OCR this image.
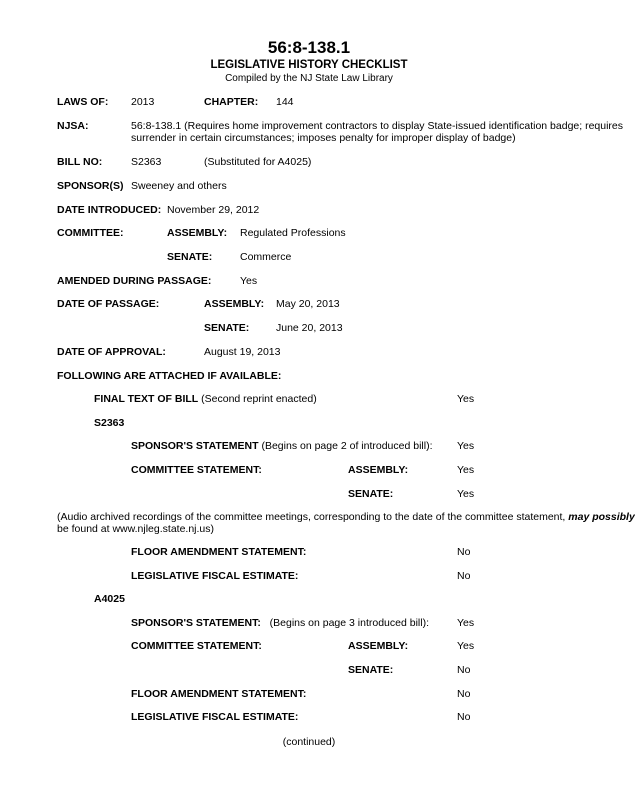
56:8-138.1
LEGISLATIVE HISTORY CHECKLIST
Compiled by the NJ State Law Library
LAWS OF: 2013	CHAPTER: 144
NJSA:	56:8-138.1 (Requires home improvement contractors to display State-issued identification badge; requires
surrender in certain circumstances; imposes penalty for improper display of badge)
BILL NO:	S2363	(Substituted for A4025)
SPONSOR(S) Sweeney and others
DATE INTRODUCED: November 29, 2012
COMMITTEE:	ASSEMBLY: Regulated Professions
SENATE:	Commerce
AMENDED DURING PASSAGE:	Yes
DATE OF PASSAGE:	ASSEMBLY: May 20, 2013
SENATE:	June 20, 2013
DATE OF APPROVAL:	August 19, 2013
FOLLOWING ARE ATTACHED IF AVAILABLE:
FINAL TEXT OF BILL (Second reprint enacted)	Yes
S2363
SPONSOR'S STATEMENT (Begins on page 2 of introduced bill): Yes
COMMITTEE STATEMENT:	ASSEMBLY:	Yes
SENATE:	Yes
(Audio archived recordings of the committee meetings, corresponding to the date of the committee statement, may possibly
be found at www.njleg.state.nj.us)
FLOOR AMENDMENT STATEMENT:	No
LEGISLATIVE FISCAL ESTIMATE:	No
A4025
SPONSOR'S STATEMENT: (Begins on page 3 introduced bill):	Yes
COMMITTEE STATEMENT:	ASSEMBLY:	Yes
SENATE:	No
FLOOR AMENDMENT STATEMENT:	No
LEGISLATIVE FISCAL ESTIMATE:	No
(continued)
